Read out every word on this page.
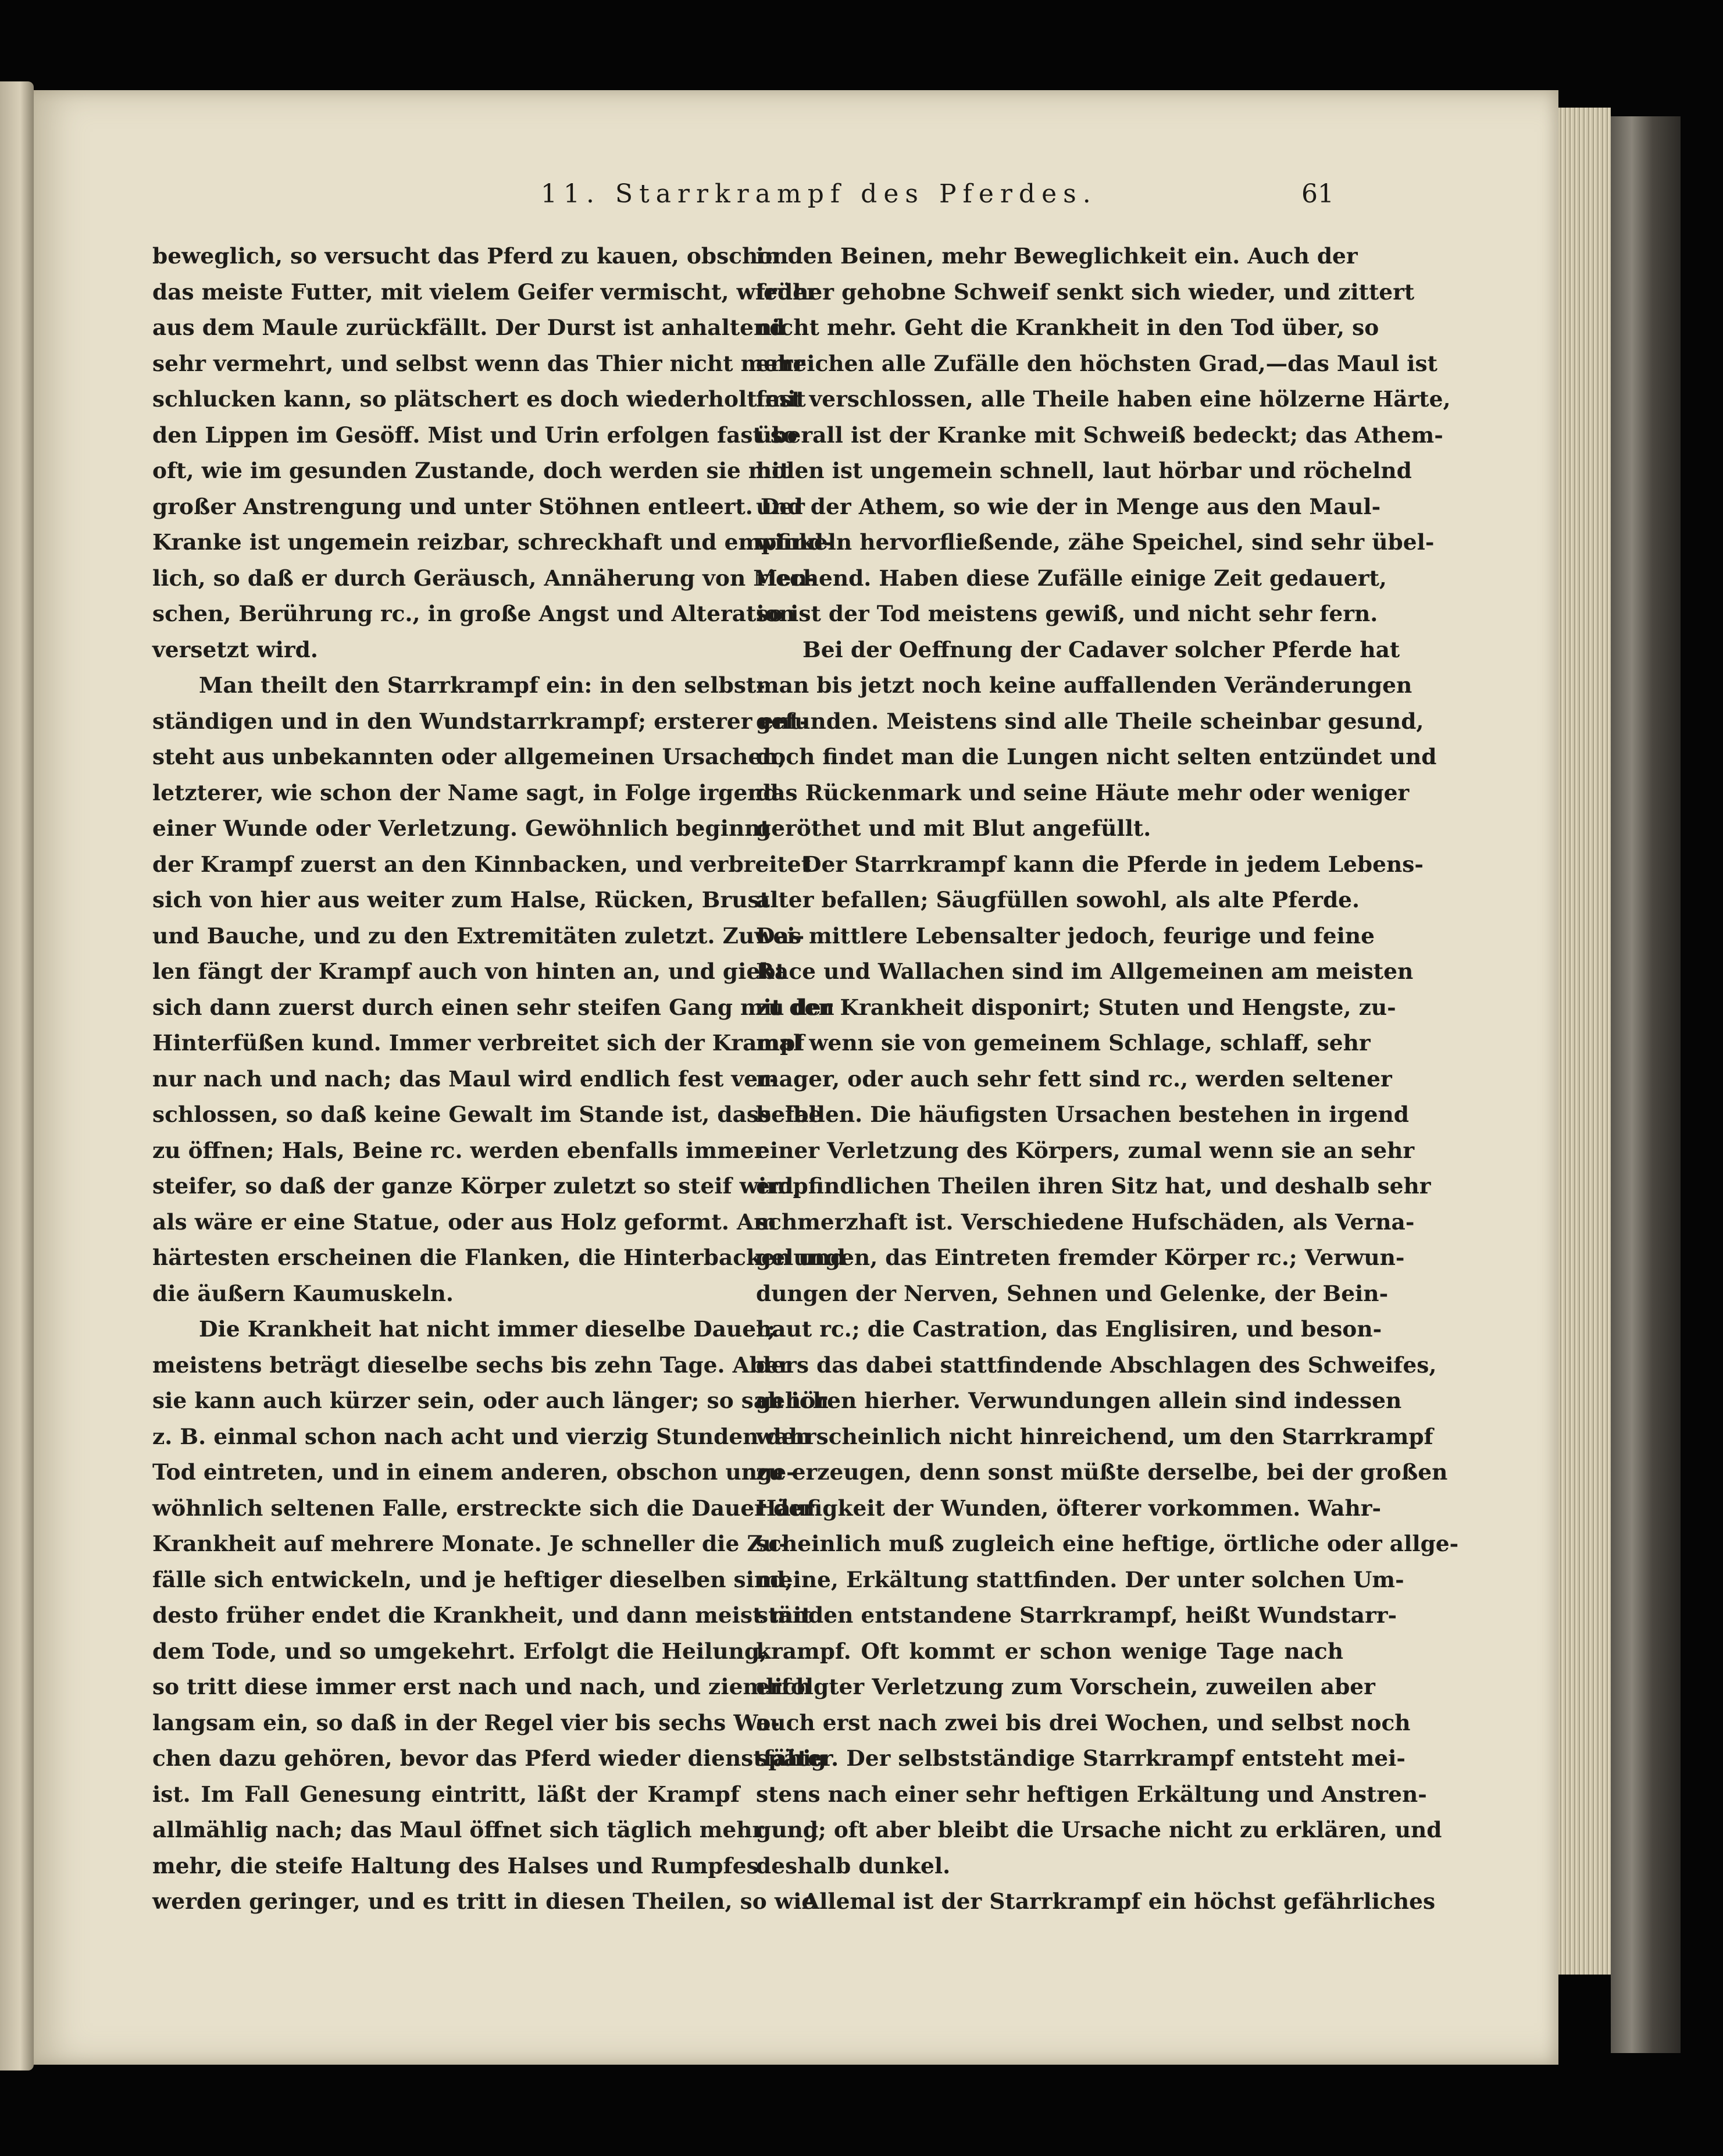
11. Starrkrampf des Pferdes.	61
beweglich, so versucht das Pferd zu kauen, obschon
das meiste Futter, mit vielem Geifer vermischt, wieder
aus dem Maule zurückfällt. Der Durst ist anhaltend
sehr vermehrt, und selbst wenn das Thier nicht mehr
schlucken kann, so plätschert es doch wiederholt mit
den Lippen im Gesöff. Mist und Urin erfolgen fast so
oft, wie im gesunden Zustande, doch werden sie mit
großer Anstrengung und unter Stöhnen entleert. Der
Kranke ist ungemein reizbar, schreckhaft und empfind-
lich, so daß er durch Geräusch, Annäherung von Men-
schen, Berührung rc., in große Angst und Alteration
versetzt wird.
Man theilt den Starrkrampf ein: in den selbst-
ständigen und in den Wundstarrkrampf; ersterer ent-
steht aus unbekannten oder allgemeinen Ursachen;
letzterer, wie schon der Name sagt, in Folge irgend
einer Wunde oder Verletzung. Gewöhnlich beginnt
der Krampf zuerst an den Kinnbacken, und verbreitet
sich von hier aus weiter zum Halse, Rücken, Brust
und Bauche, und zu den Extremitäten zuletzt. Zuwei-
len fängt der Krampf auch von hinten an, und giebt
sich dann zuerst durch einen sehr steifen Gang mit den
Hinterfüßen kund. Immer verbreitet sich der Krampf
nur nach und nach; das Maul wird endlich fest ver-
schlossen, so daß keine Gewalt im Stande ist, dasselbe
zu öffnen; Hals, Beine rc. werden ebenfalls immer
steifer, so daß der ganze Körper zuletzt so steif wird,
als wäre er eine Statue, oder aus Holz geformt. Am
härtesten erscheinen die Flanken, die Hinterbacken und
die äußern Kaumuskeln.
Die Krankheit hat nicht immer dieselbe Dauer;
meistens beträgt dieselbe sechs bis zehn Tage. Aber
sie kann auch kürzer sein, oder auch länger; so sah ich
z. B. einmal schon nach acht und vierzig Stunden den
Tod eintreten, und in einem anderen, obschon unge-
wöhnlich seltenen Falle, erstreckte sich die Dauer der
Krankheit auf mehrere Monate. Je schneller die Zu-
fälle sich entwickeln, und je heftiger dieselben sind,
desto früher endet die Krankheit, und dann meist mit
dem Tode, und so umgekehrt. Erfolgt die Heilung,
so tritt diese immer erst nach und nach, und ziemlich
langsam ein, so daß in der Regel vier bis sechs Wo-
chen dazu gehören, bevor das Pferd wieder dienstfähig
ist. Im Fall Genesung eintritt, läßt der Krampf
allmählig nach; das Maul öffnet sich täglich mehr und
mehr, die steife Haltung des Halses und Rumpfes
werden geringer, und es tritt in diesen Theilen, so wie
in den Beinen, mehr Beweglichkeit ein. Auch der
früher gehobne Schweif senkt sich wieder, und zittert
nicht mehr. Geht die Krankheit in den Tod über, so
erreichen alle Zufälle den höchsten Grad,—das Maul ist
fest verschlossen, alle Theile haben eine hölzerne Härte,
überall ist der Kranke mit Schweiß bedeckt; das Athem-
holen ist ungemein schnell, laut hörbar und röchelnd
und der Athem, so wie der in Menge aus den Maul-
winkeln hervorfließende, zähe Speichel, sind sehr übel-
riechend. Haben diese Zufälle einige Zeit gedauert,
so ist der Tod meistens gewiß, und nicht sehr fern.
Bei der Oeffnung der Cadaver solcher Pferde hat
man bis jetzt noch keine auffallenden Veränderungen
gefunden. Meistens sind alle Theile scheinbar gesund,
doch findet man die Lungen nicht selten entzündet und
das Rückenmark und seine Häute mehr oder weniger
geröthet und mit Blut angefüllt.
Der Starrkrampf kann die Pferde in jedem Lebens-
alter befallen; Säugfüllen sowohl, als alte Pferde.
Das mittlere Lebensalter jedoch, feurige und feine
Race und Wallachen sind im Allgemeinen am meisten
zu der Krankheit disponirt; Stuten und Hengste, zu-
mal wenn sie von gemeinem Schlage, schlaff, sehr
mager, oder auch sehr fett sind rc., werden seltener
befallen. Die häufigsten Ursachen bestehen in irgend
einer Verletzung des Körpers, zumal wenn sie an sehr
empfindlichen Theilen ihren Sitz hat, und deshalb sehr
schmerzhaft ist. Verschiedene Hufschäden, als Verna-
gelungen, das Eintreten fremder Körper rc.; Verwun-
dungen der Nerven, Sehnen und Gelenke, der Bein-
haut rc.; die Castration, das Englisiren, und beson-
ders das dabei stattfindende Abschlagen des Schweifes,
gehören hierher. Verwundungen allein sind indessen
wahrscheinlich nicht hinreichend, um den Starrkrampf
zu erzeugen, denn sonst müßte derselbe, bei der großen
Häufigkeit der Wunden, öfterer vorkommen. Wahr-
scheinlich muß zugleich eine heftige, örtliche oder allge-
meine, Erkältung stattfinden. Der unter solchen Um-
ständen entstandene Starrkrampf, heißt Wundstarr-
krampf. Oft kommt er schon wenige Tage nach
erfolgter Verletzung zum Vorschein, zuweilen aber
auch erst nach zwei bis drei Wochen, und selbst noch
später. Der selbstständige Starrkrampf entsteht mei-
stens nach einer sehr heftigen Erkältung und Anstren-
gung; oft aber bleibt die Ursache nicht zu erklären, und
deshalb dunkel.
Allemal ist der Starrkrampf ein höchst gefährliches
